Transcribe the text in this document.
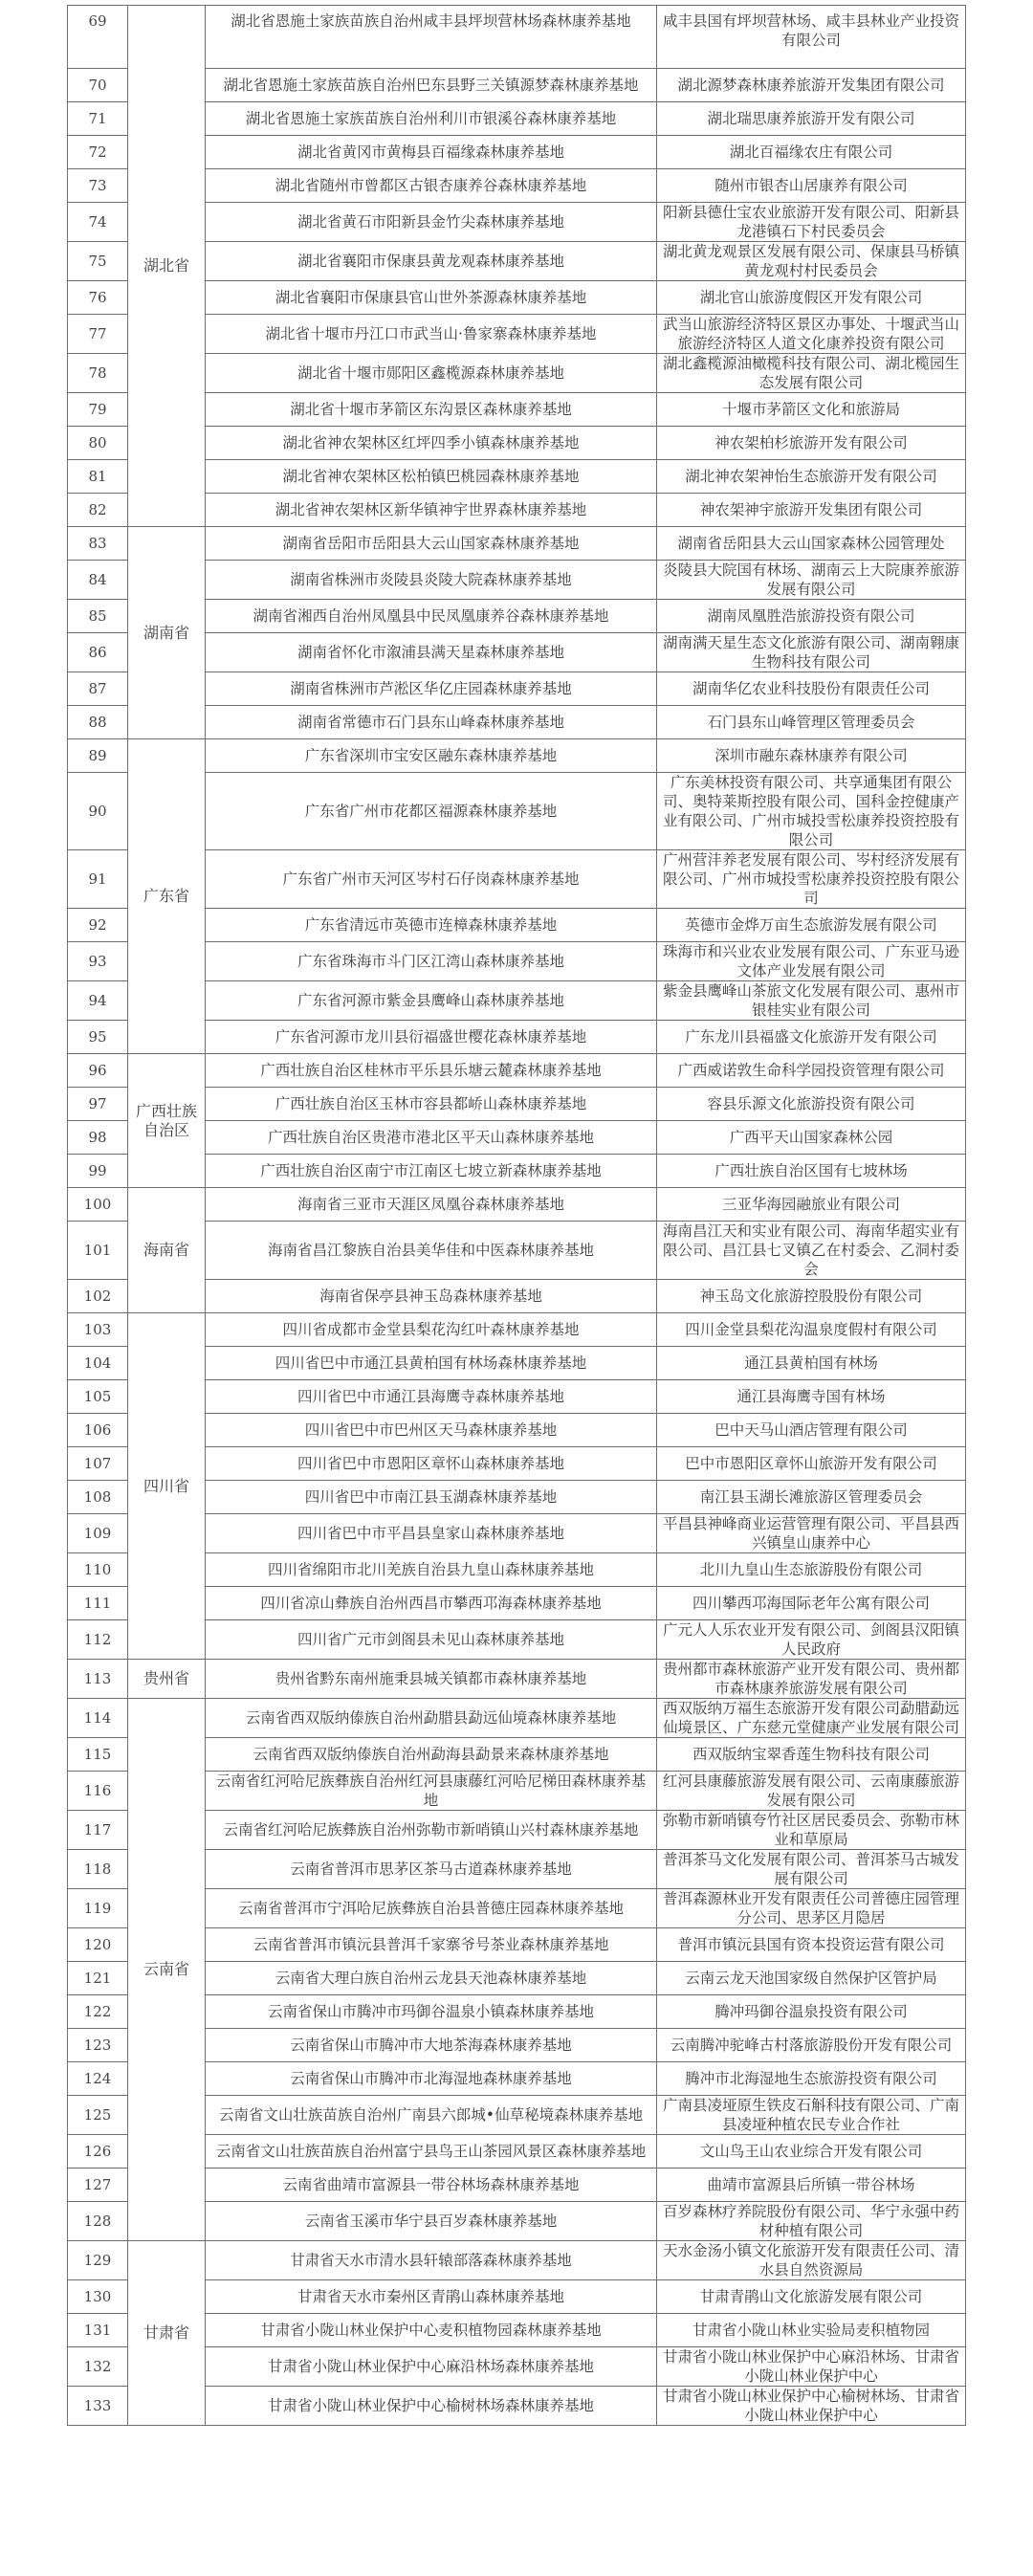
69	湖北省	湖北省恩施土家族苗族自治州咸丰县坪坝营林场森林康养基地	咸丰县国有坪坝营林场、咸丰县林业产业投资有限公司
70		湖北省恩施土家族苗族自治州巴东县野三关镇源梦森林康养基地	湖北源梦森林康养旅游开发集团有限公司
71		湖北省恩施土家族苗族自治州利川市银溪谷森林康养基地	湖北瑞思康养旅游开发有限公司
72		湖北省黄冈市黄梅县百福缘森林康养基地	湖北百福缘农庄有限公司
73		湖北省随州市曾都区古银杏康养谷森林康养基地	随州市银杏山居康养有限公司
74		湖北省黄石市阳新县金竹尖森林康养基地	阳新县德仕宝农业旅游开发有限公司、阳新县龙港镇石下村民委员会
75		湖北省襄阳市保康县黄龙观森林康养基地	湖北黄龙观景区发展有限公司、保康县马桥镇黄龙观村村民委员会
76		湖北省襄阳市保康县官山世外茶源森林康养基地	湖北官山旅游度假区开发有限公司
77		湖北省十堰市丹江口市武当山·鲁家寨森林康养基地	武当山旅游经济特区景区办事处、十堰武当山旅游经济特区人道文化康养投资有限公司
78		湖北省十堰市郧阳区鑫榄源森林康养基地	湖北鑫榄源油橄榄科技有限公司、湖北榄园生态发展有限公司
79		湖北省十堰市茅箭区东沟景区森林康养基地	十堰市茅箭区文化和旅游局
80		湖北省神农架林区红坪四季小镇森林康养基地	神农架柏杉旅游开发有限公司
81		湖北省神农架林区松柏镇巴桃园森林康养基地	湖北神农架神怡生态旅游开发有限公司
82		湖北省神农架林区新华镇神宇世界森林康养基地	神农架神宇旅游开发集团有限公司
83	湖南省	湖南省岳阳市岳阳县大云山国家森林康养基地	湖南省岳阳县大云山国家森林公园管理处
84		湖南省株洲市炎陵县炎陵大院森林康养基地	炎陵县大院国有林场、湖南云上大院康养旅游发展有限公司
85		湖南省湘西自治州凤凰县中民凤凰康养谷森林康养基地	湖南凤凰胜浩旅游投资有限公司
86		湖南省怀化市溆浦县满天星森林康养基地	湖南满天星生态文化旅游有限公司、湖南翱康生物科技有限公司
87		湖南省株洲市芦淞区华亿庄园森林康养基地	湖南华亿农业科技股份有限责任公司
88		湖南省常德市石门县东山峰森林康养基地	石门县东山峰管理区管理委员会
89	广东省	广东省深圳市宝安区融东森林康养基地	深圳市融东森林康养有限公司
90		广东省广州市花都区福源森林康养基地	广东美林投资有限公司、共享通集团有限公司、奥特莱斯控股有限公司、国科金控健康产业有限公司、广州市城投雪松康养投资控股有限公司
91		广东省广州市天河区岑村石仔岗森林康养基地	广州营沣养老发展有限公司、岑村经济发展有限公司、广州市城投雪松康养投资控股有限公司
92		广东省清远市英德市连樟森林康养基地	英德市金烨万亩生态旅游发展有限公司
93		广东省珠海市斗门区江湾山森林康养基地	珠海市和兴业农业发展有限公司、广东亚马逊文体产业发展有限公司
94		广东省河源市紫金县鹰峰山森林康养基地	紫金县鹰峰山茶旅文化发展有限公司、惠州市银桂实业有限公司
95		广东省河源市龙川县衍福盛世樱花森林康养基地	广东龙川县福盛文化旅游开发有限公司
96	广西壮族自治区	广西壮族自治区桂林市平乐县乐塘云麓森林康养基地	广西威诺敦生命科学园投资管理有限公司
97		广西壮族自治区玉林市容县都峤山森林康养基地	容县乐源文化旅游投资有限公司
98		广西壮族自治区贵港市港北区平天山森林康养基地	广西平天山国家森林公园
99		广西壮族自治区南宁市江南区七坡立新森林康养基地	广西壮族自治区国有七坡林场
100	海南省	海南省三亚市天涯区凤凰谷森林康养基地	三亚华海园融旅业有限公司
101		海南省昌江黎族自治县美华佳和中医森林康养基地	海南昌江天和实业有限公司、海南华超实业有限公司、昌江县七叉镇乙在村委会、乙洞村委会
102		海南省保亭县神玉岛森林康养基地	神玉岛文化旅游控股股份有限公司
103	四川省	四川省成都市金堂县梨花沟红叶森林康养基地	四川金堂县梨花沟温泉度假村有限公司
104		四川省巴中市通江县黄柏国有林场森林康养基地	通江县黄柏国有林场
105		四川省巴中市通江县海鹰寺森林康养基地	通江县海鹰寺国有林场
106		四川省巴中市巴州区天马森林康养基地	巴中天马山酒店管理有限公司
107		四川省巴中市恩阳区章怀山森林康养基地	巴中市恩阳区章怀山旅游开发有限公司
108		四川省巴中市南江县玉湖森林康养基地	南江县玉湖长滩旅游区管理委员会
109		四川省巴中市平昌县皇家山森林康养基地	平昌县神峰商业运营管理有限公司、平昌县西兴镇皇山康养中心
110		四川省绵阳市北川羌族自治县九皇山森林康养基地	北川九皇山生态旅游股份有限公司
111		四川省凉山彝族自治州西昌市攀西邛海森林康养基地	四川攀西邛海国际老年公寓有限公司
112		四川省广元市剑阁县未见山森林康养基地	广元人人乐农业开发有限公司、剑阁县汉阳镇人民政府
113	贵州省	贵州省黔东南州施秉县城关镇都市森林康养基地	贵州都市森林旅游产业开发有限公司、贵州都市森林康养旅游发展有限公司
114	云南省	云南省西双版纳傣族自治州勐腊县勐远仙境森林康养基地	西双版纳万福生态旅游开发有限公司勐腊勐远仙境景区、广东慈元堂健康产业发展有限公司
115		云南省西双版纳傣族自治州勐海县勐景来森林康养基地	西双版纳宝翠香莲生物科技有限公司
116		云南省红河哈尼族彝族自治州红河县康藤红河哈尼梯田森林康养基地	红河县康藤旅游发展有限公司、云南康藤旅游发展有限公司
117		云南省红河哈尼族彝族自治州弥勒市新哨镇山兴村森林康养基地	弥勒市新哨镇夸竹社区居民委员会、弥勒市林业和草原局
118		云南省普洱市思茅区茶马古道森林康养基地	普洱茶马文化发展有限公司、普洱茶马古城发展有限公司
119		云南省普洱市宁洱哈尼族彝族自治县普德庄园森林康养基地	普洱森源林业开发有限责任公司普德庄园管理分公司、思茅区月隐居
120		云南省普洱市镇沅县普洱千家寨爷号茶业森林康养基地	普洱市镇沅县国有资本投资运营有限公司
121		云南省大理白族自治州云龙县天池森林康养基地	云南云龙天池国家级自然保护区管护局
122		云南省保山市腾冲市玛御谷温泉小镇森林康养基地	腾冲玛御谷温泉投资有限公司
123		云南省保山市腾冲市大地茶海森林康养基地	云南腾冲驼峰古村落旅游股份开发有限公司
124		云南省保山市腾冲市北海湿地森林康养基地	腾冲市北海湿地生态旅游投资有限公司
125		云南省文山壮族苗族自治州广南县六郎城•仙草秘境森林康养基地	广南县凌垭原生铁皮石斛科技有限公司、广南县凌垭种植农民专业合作社
126		云南省文山壮族苗族自治州富宁县鸟王山茶园风景区森林康养基地	文山鸟王山农业综合开发有限公司
127		云南省曲靖市富源县一带谷林场森林康养基地	曲靖市富源县后所镇一带谷林场
128		云南省玉溪市华宁县百岁森林康养基地	百岁森林疗养院股份有限公司、华宁永强中药材种植有限公司
129	甘肃省	甘肃省天水市清水县轩辕部落森林康养基地	天水金汤小镇文化旅游开发有限责任公司、清水县自然资源局
130		甘肃省天水市秦州区青鹃山森林康养基地	甘肃青鹃山文化旅游发展有限公司
131		甘肃省小陇山林业保护中心麦积植物园森林康养基地	甘肃省小陇山林业实验局麦积植物园
132		甘肃省小陇山林业保护中心麻沿林场森林康养基地	甘肃省小陇山林业保护中心麻沿林场、甘肃省小陇山林业保护中心
133		甘肃省小陇山林业保护中心榆树林场森林康养基地	甘肃省小陇山林业保护中心榆树林场、甘肃省小陇山林业保护中心
